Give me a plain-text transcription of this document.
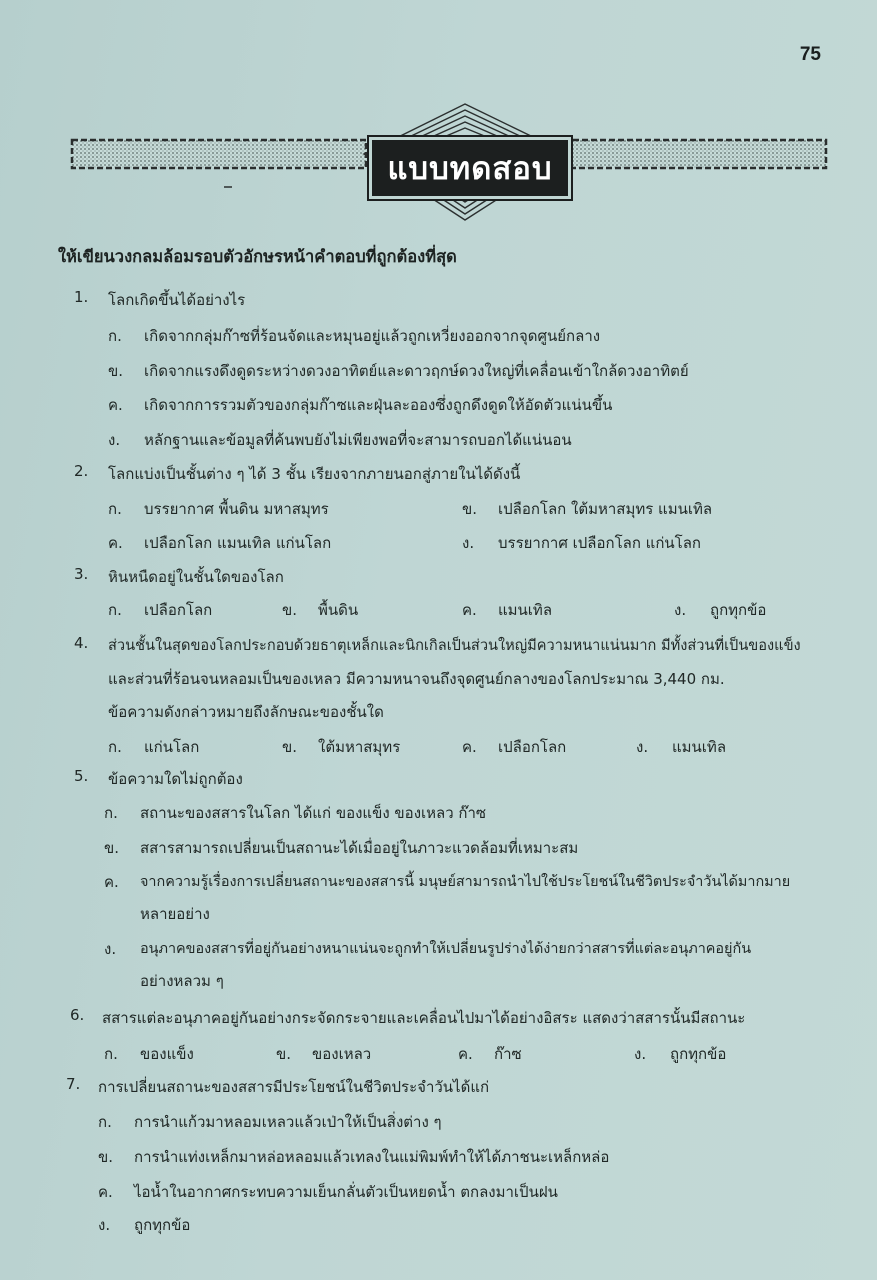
75
แบบทดสอบ
ให้เขียนวงกลมล้อมรอบตัวอักษรหน้าคำตอบที่ถูกต้องที่สุด
1.	โลกเกิดขึ้นได้อย่างไร
ก.	เกิดจากกลุ่มก๊าซที่ร้อนจัดและหมุนอยู่แล้วถูกเหวี่ยงออกจากจุดศูนย์กลาง
ข.	เกิดจากแรงดึงดูดระหว่างดวงอาทิตย์และดาวฤกษ์ดวงใหญ่ที่เคลื่อนเข้าใกล้ดวงอาทิตย์
ค.	เกิดจากการรวมตัวของกลุ่มก๊าซและฝุ่นละอองซึ่งถูกดึงดูดให้อัดตัวแน่นขึ้น
ง.	หลักฐานและข้อมูลที่ค้นพบยังไม่เพียงพอที่จะสามารถบอกได้แน่นอน
2.	โลกแบ่งเป็นชั้นต่าง ๆ ได้ 3 ชั้น เรียงจากภายนอกสู่ภายในได้ดังนี้
ก.	บรรยากาศ พื้นดิน มหาสมุทร	ข.	เปลือกโลก ใต้มหาสมุทร แมนเทิล
ค.	เปลือกโลก แมนเทิล แก่นโลก	ง.	บรรยากาศ เปลือกโลก แก่นโลก
3.	หินหนืดอยู่ในชั้นใดของโลก
ก.	เปลือกโลก	ข.	พื้นดิน	ค.	แมนเทิล	ง.	ถูกทุกข้อ
4.	ส่วนชั้นในสุดของโลกประกอบด้วยธาตุเหล็กและนิกเกิลเป็นส่วนใหญ่มีความหนาแน่นมาก มีทั้งส่วนที่เป็นของแข็ง
และส่วนที่ร้อนจนหลอมเป็นของเหลว มีความหนาจนถึงจุดศูนย์กลางของโลกประมาณ 3,440 กม.
ข้อความดังกล่าวหมายถึงลักษณะของชั้นใด
ก.	แก่นโลก	ข.	ใต้มหาสมุทร	ค.	เปลือกโลก	ง.	แมนเทิล
5.	ข้อความใดไม่ถูกต้อง
ก.	สถานะของสสารในโลก ได้แก่ ของแข็ง ของเหลว ก๊าซ
ข.	สสารสามารถเปลี่ยนเป็นสถานะได้เมื่ออยู่ในภาวะแวดล้อมที่เหมาะสม
ค.	จากความรู้เรื่องการเปลี่ยนสถานะของสสารนี้ มนุษย์สามารถนำไปใช้ประโยชน์ในชีวิตประจำวันได้มากมาย
หลายอย่าง
ง.	อนุภาคของสสารที่อยู่กันอย่างหนาแน่นจะถูกทำให้เปลี่ยนรูปร่างได้ง่ายกว่าสสารที่แต่ละอนุภาคอยู่กัน
อย่างหลวม ๆ
6.	สสารแต่ละอนุภาคอยู่กันอย่างกระจัดกระจายและเคลื่อนไปมาได้อย่างอิสระ แสดงว่าสสารนั้นมีสถานะ
ก.	ของแข็ง	ข.	ของเหลว	ค.	ก๊าซ	ง.	ถูกทุกข้อ
7.	การเปลี่ยนสถานะของสสารมีประโยชน์ในชีวิตประจำวันได้แก่
ก.	การนำแก้วมาหลอมเหลวแล้วเป่าให้เป็นสิ่งต่าง ๆ
ข.	การนำแท่งเหล็กมาหล่อหลอมแล้วเทลงในแม่พิมพ์ทำให้ได้ภาชนะเหล็กหล่อ
ค.	ไอน้ำในอากาศกระทบความเย็นกลั่นตัวเป็นหยดน้ำ ตกลงมาเป็นฝน
ง.	ถูกทุกข้อ
